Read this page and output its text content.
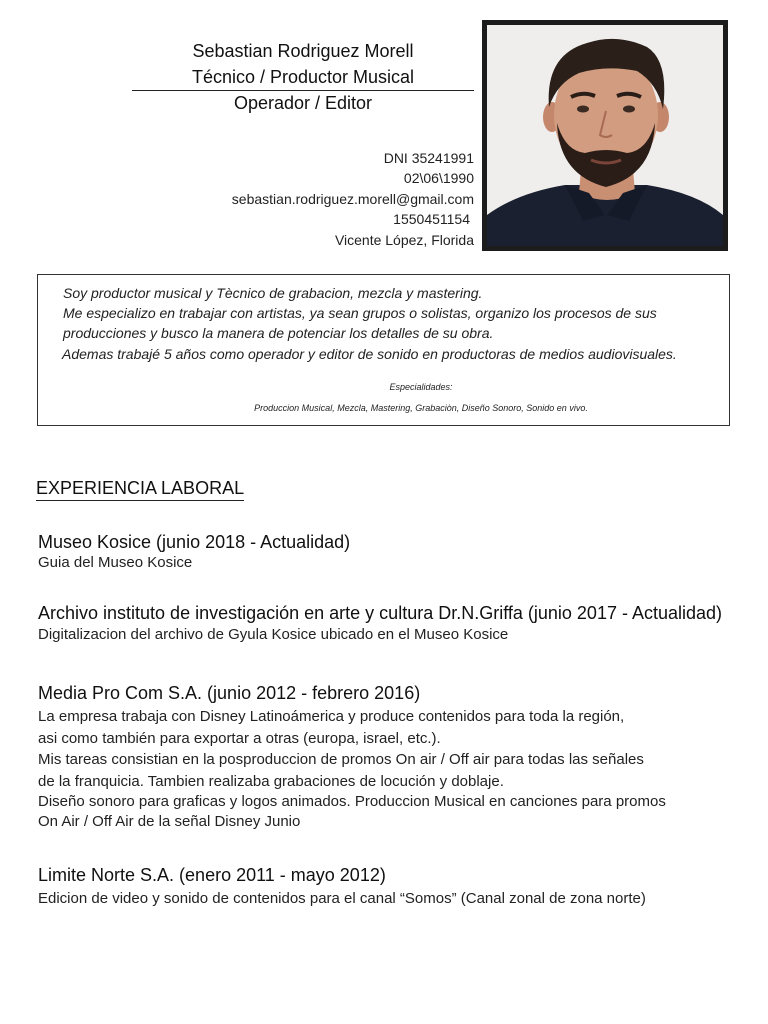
Sebastian Rodriguez Morell
Técnico / Productor Musical
Operador / Editor
DNI 35241991
02\06\1990
sebastian.rodriguez.morell@gmail.com
1550451154
Vicente López, Florida
Soy productor musical y Tècnico de grabacion, mezcla y mastering.
Me especializo en trabajar con artistas, ya sean grupos o solistas, organizo los procesos de sus
producciones y busco la manera de potenciar los detalles de su obra.
Ademas trabajé 5 años como operador y editor de sonido en productoras de medios audiovisuales.
Especialidades:
Produccion Musical, Mezcla, Mastering, Grabaciòn, Diseño Sonoro, Sonido en vivo.
EXPERIENCIA LABORAL
Museo Kosice (junio 2018 - Actualidad)
Guia del Museo Kosice
Archivo instituto de investigación en arte y cultura Dr.N.Griffa (junio 2017 - Actualidad)
Digitalizacion del archivo de Gyula Kosice ubicado en el Museo Kosice
Media Pro Com S.A. (junio 2012 - febrero 2016)
La empresa trabaja con Disney Latinoámerica y produce contenidos para toda la región,
asi como también para exportar a otras (europa, israel, etc.).
Mis tareas consistian en la posproduccion de promos On air / Off air para todas las señales
de la franquicia. Tambien realizaba grabaciones de locución y doblaje.
Diseño sonoro para graficas y logos animados. Produccion Musical en canciones para promos
On Air / Off Air de la señal Disney Junio
Limite Norte S.A. (enero 2011 - mayo 2012)
Edicion de video y sonido de contenidos para el canal “Somos” (Canal zonal de zona norte)
